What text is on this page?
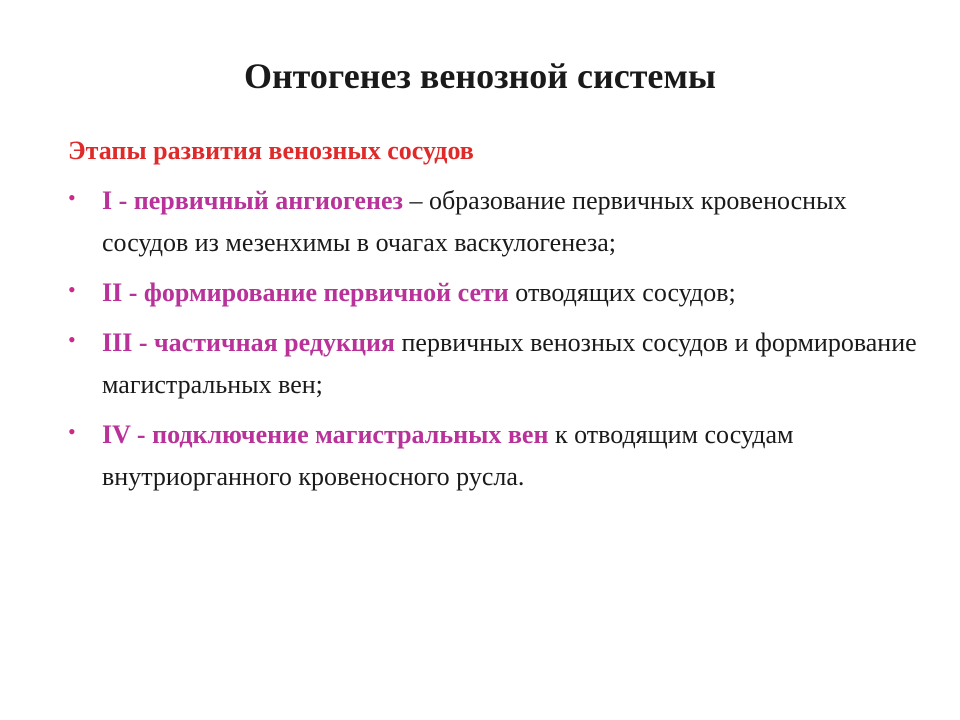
Онтогенез венозной системы
Этапы развития венозных сосудов
•	I - первичный ангиогенез – образование первичных кровеносных сосудов из мезенхимы в очагах васкулогенеза;
•	II - формирование первичной сети отводящих сосудов;
•	III - частичная редукция первичных венозных сосудов и формирование магистральных вен;
•	IV - подключение магистральных вен к отводящим сосудам внутриорганного кровеносного русла.
